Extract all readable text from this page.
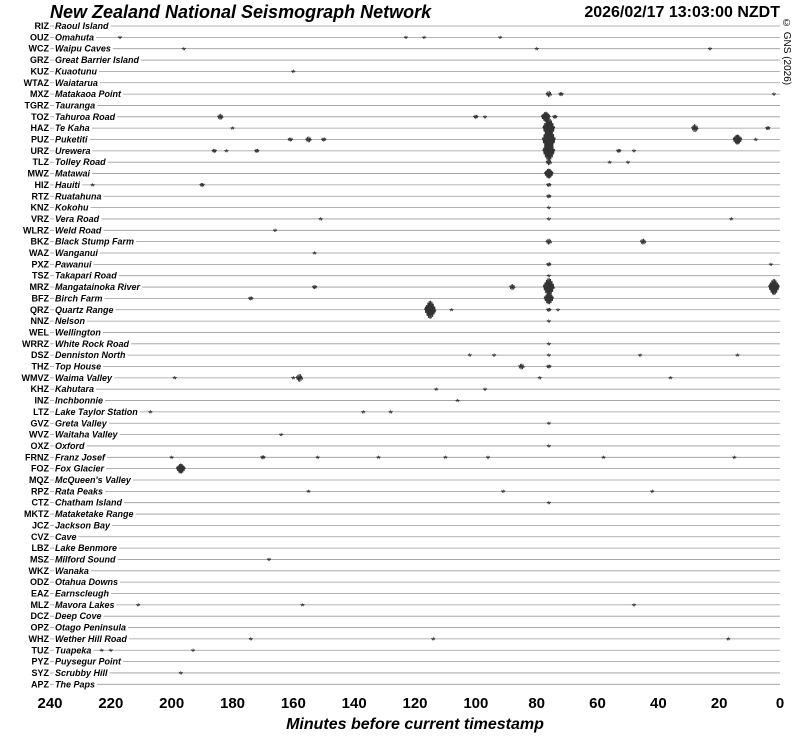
New Zealand National Seismograph Network	2026/02/17 13:03:00 NZDT
© GNS (2026)
Minutes before current timestamp
RIZ Raoul Island
OUZ Omahuta
WCZ Waipu Caves
GRZ Great Barrier Island
KUZ Kuaotunu
WTAZ Waiatarua
MXZ Matakaoa Point
TGRZ Tauranga
TOZ Tahuroa Road
HAZ Te Kaha
PUZ Puketiti
URZ Urewera
TLZ Tolley Road
MWZ Matawai
HIZ Hauiti
RTZ Ruatahuna
KNZ Kokohu
VRZ Vera Road
WLRZ Weld Road
BKZ Black Stump Farm
WAZ Wanganui
PXZ Pawanui
TSZ Takapari Road
MRZ Mangatainoka River
BFZ Birch Farm
QRZ Quartz Range
NNZ Nelson
WEL Wellington
WRRZ White Rock Road
DSZ Denniston North
THZ Top House
WMVZ Waima Valley
KHZ Kahutara
INZ Inchbonnie
LTZ Lake Taylor Station
GVZ Greta Valley
WVZ Waitaha Valley
OXZ Oxford
FRNZ Franz Josef
FOZ Fox Glacier
MQZ McQueen's Valley
RPZ Rata Peaks
CTZ Chatham Island
MKTZ Mataketake Range
JCZ Jackson Bay
CVZ Cave
LBZ Lake Benmore
MSZ Milford Sound
WKZ Wanaka
ODZ Otahua Downs
EAZ Earnscleugh
MLZ Mavora Lakes
DCZ Deep Cove
OPZ Otago Peninsula
WHZ Wether Hill Road
TUZ Tuapeka
PYZ Puysegur Point
SYZ Scrubby Hill
APZ The Paps
240 220 200 180 160 140 120 100	80	60	40	20	0
